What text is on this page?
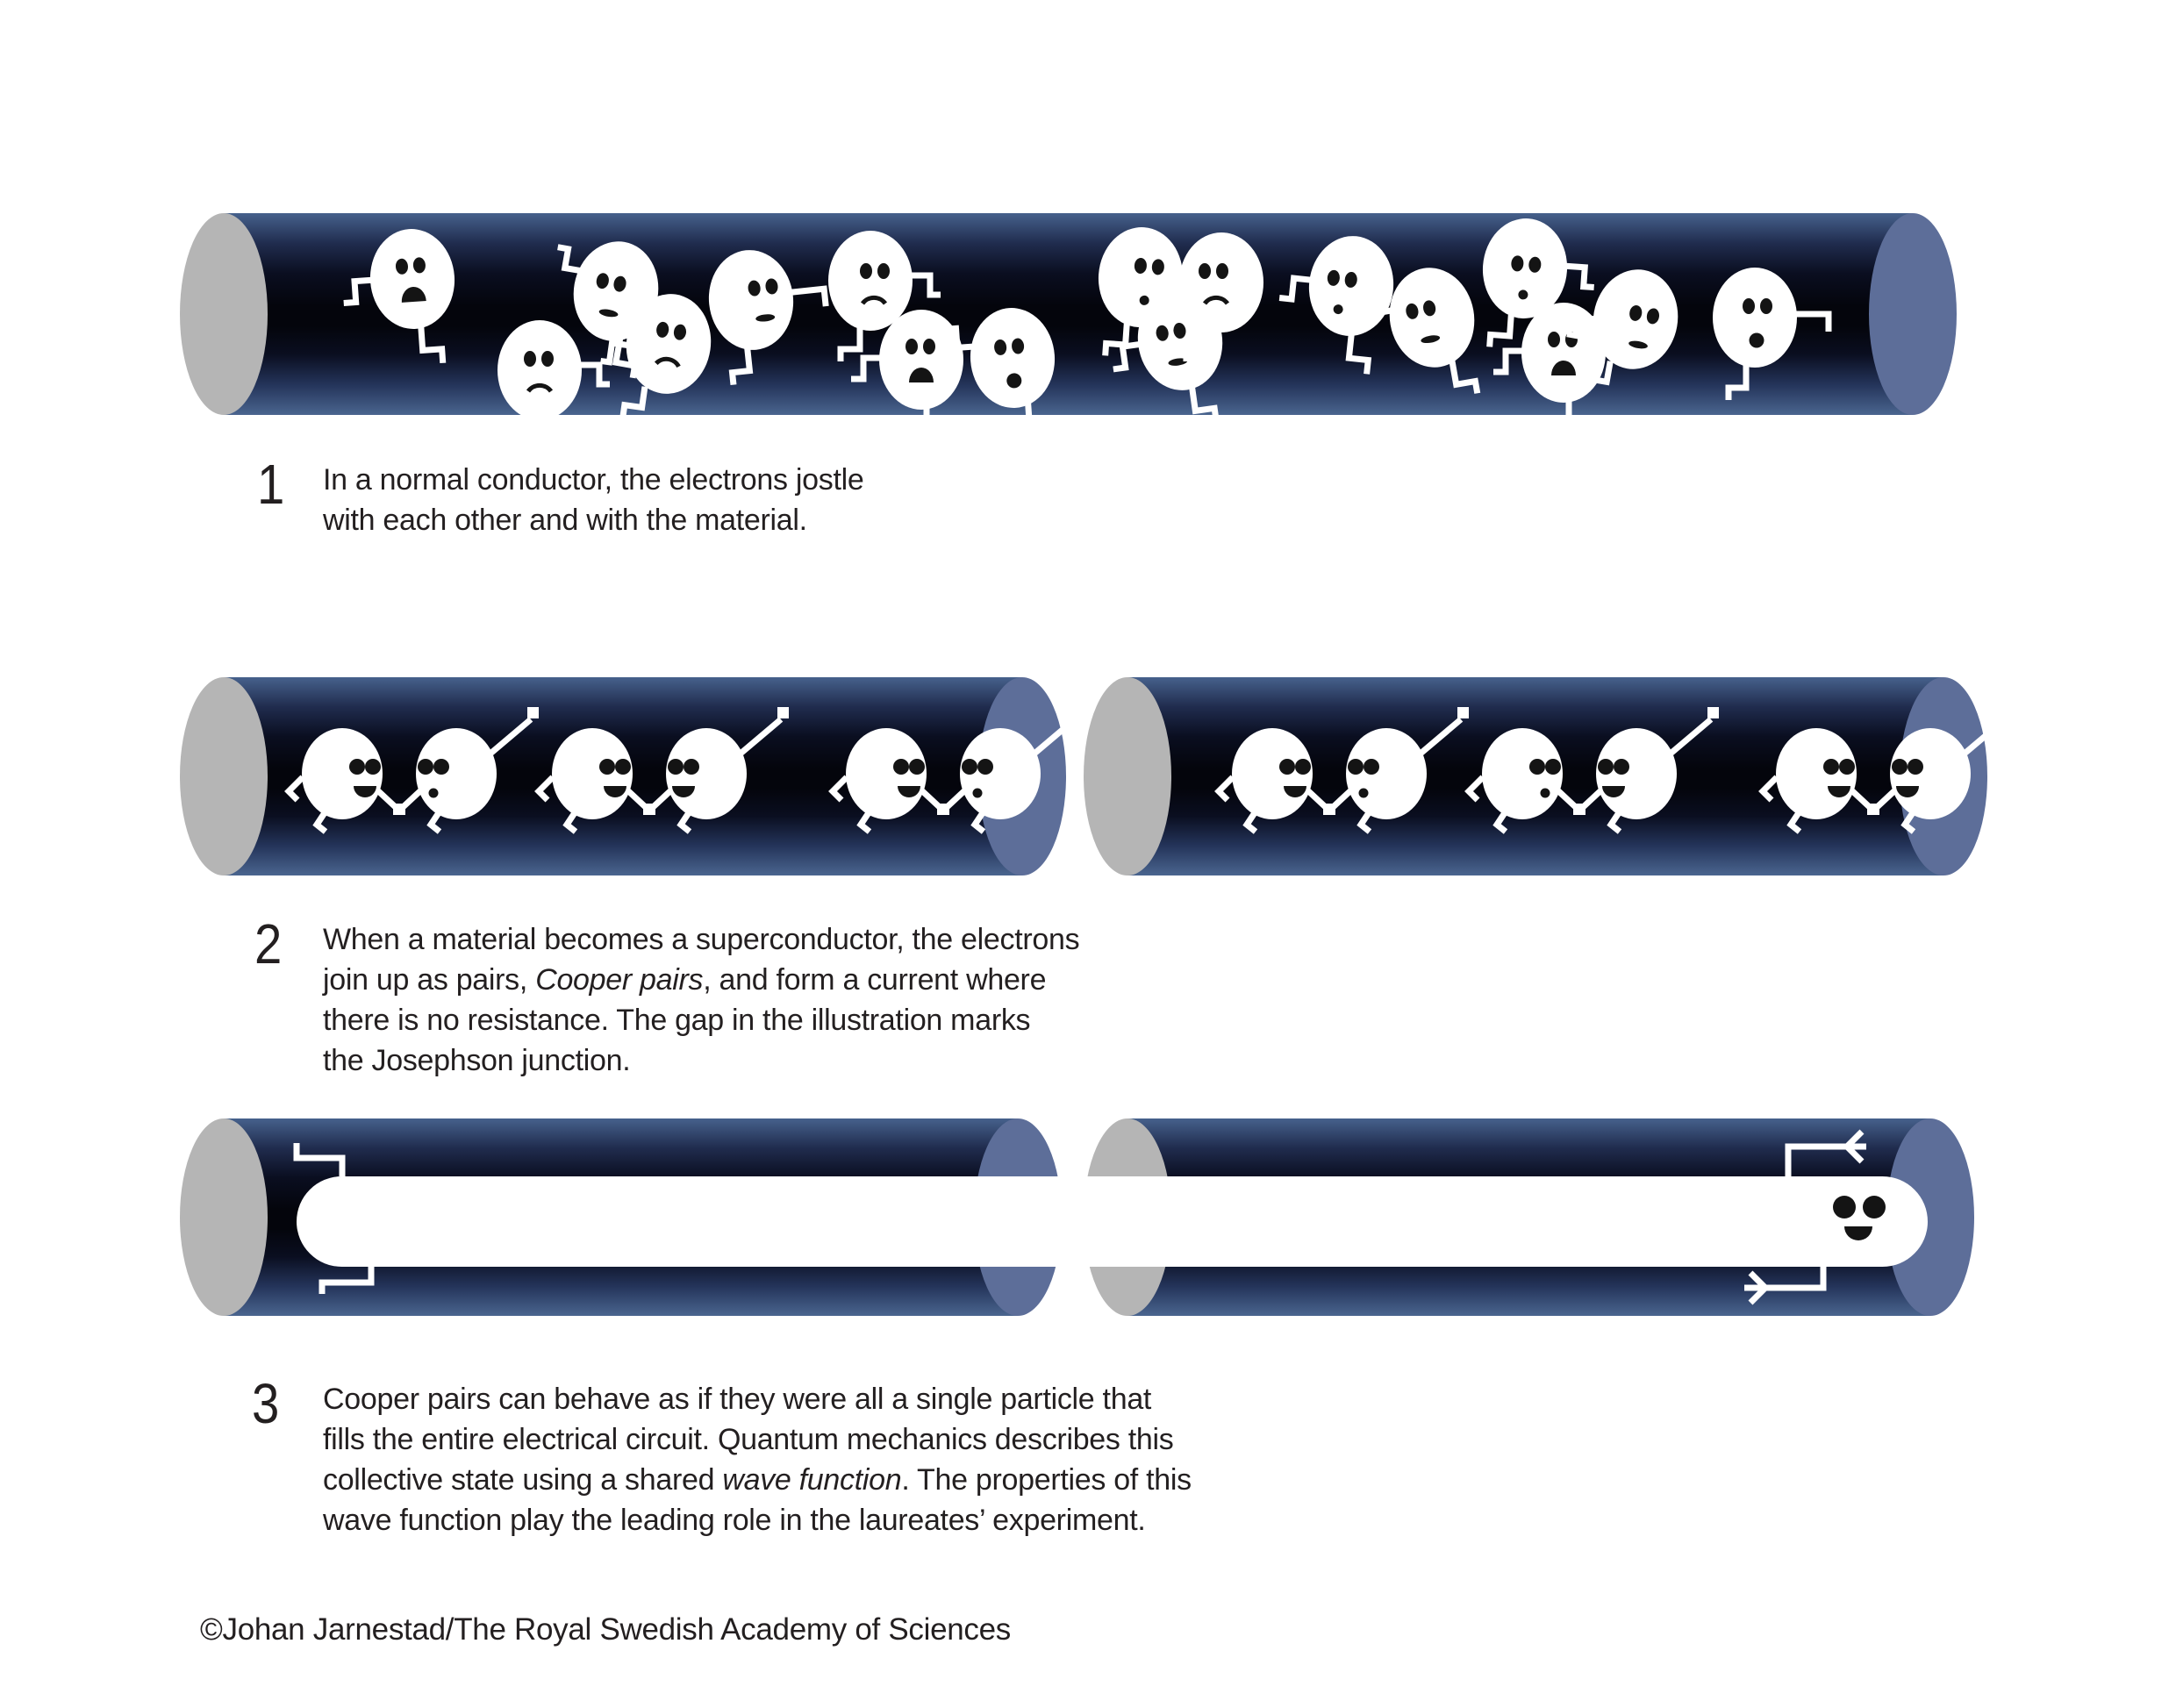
1 In a normal conductor, the electrons jostle
with each other and with the material.
2 When a material becomes a superconductor, the electrons
join up as pairs, Cooper pairs, and form a current where
there is no resistance. The gap in the illustration marks
the Josephson junction.
3 Cooper pairs can behave as if they were all a single particle that
fills the entire electrical circuit. Quantum mechanics describes this
collective state using a shared wave function. The properties of this
wave function play the leading role in the laureates’ experiment.
©Johan Jarnestad/The Royal Swedish Academy of Sciences
